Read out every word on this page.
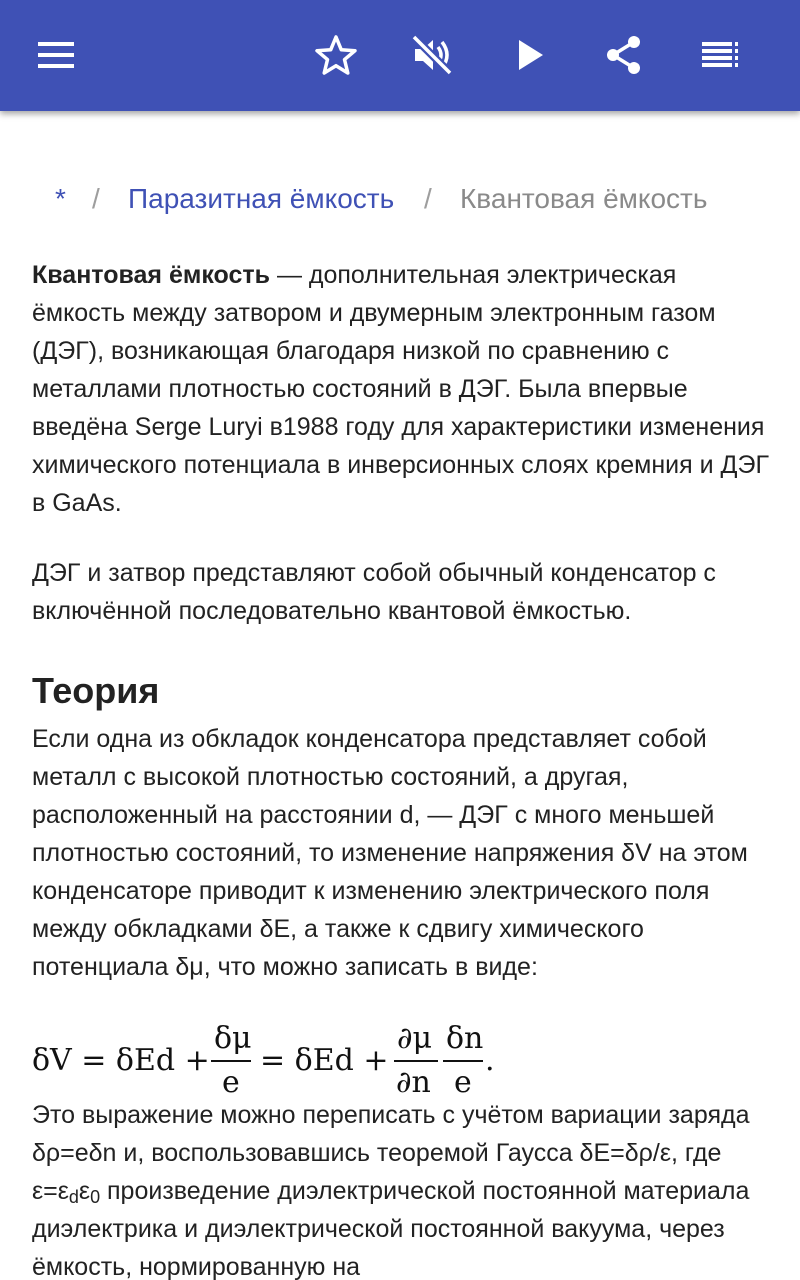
* / Паразитная ёмкость / Квантовая ёмкость
Квантовая ёмкость — дополнительная электрическая
ёмкость между затвором и двумерным электронным газом (ДЭГ), возникающая благодаря низкой по сравнению с металлами плотностью состояний в ДЭГ. Была впервые введёна Serge Luryi в1988 году для характеристики изменения химического потенциала в инверсионных слоях кремния и ДЭГ в GaAs.
ДЭГ и затвор представляют собой обычный конденсатор с включённой последовательно квантовой ёмкостью.
Теория
Если одна из обкладок конденсатора представляет собой металл с высокой плотностью состояний, а другая, расположенный на расстоянии d, — ДЭГ с много меньшей плотностью состояний, то изменение напряжения δV на этом конденсаторе приводит к изменению электрического поля между обкладками δE, а также к сдвигу химического потенциала δμ, что можно записать в виде:
δV = δEd +
δμ
e
= δEd +
∂μ
∂n
δn
e
.
Это выражение можно переписать с учётом вариации заряда δρ=eδn и, воспользовавшись теоремой Гаусса δE=δρ/ε, где $\varepsilon=\varepsilon_d\varepsilon_0$ произведение диэлектрической постоянной материала диэлектрика и диэлектрической постоянной вакуума, через ёмкость, нормированную на
